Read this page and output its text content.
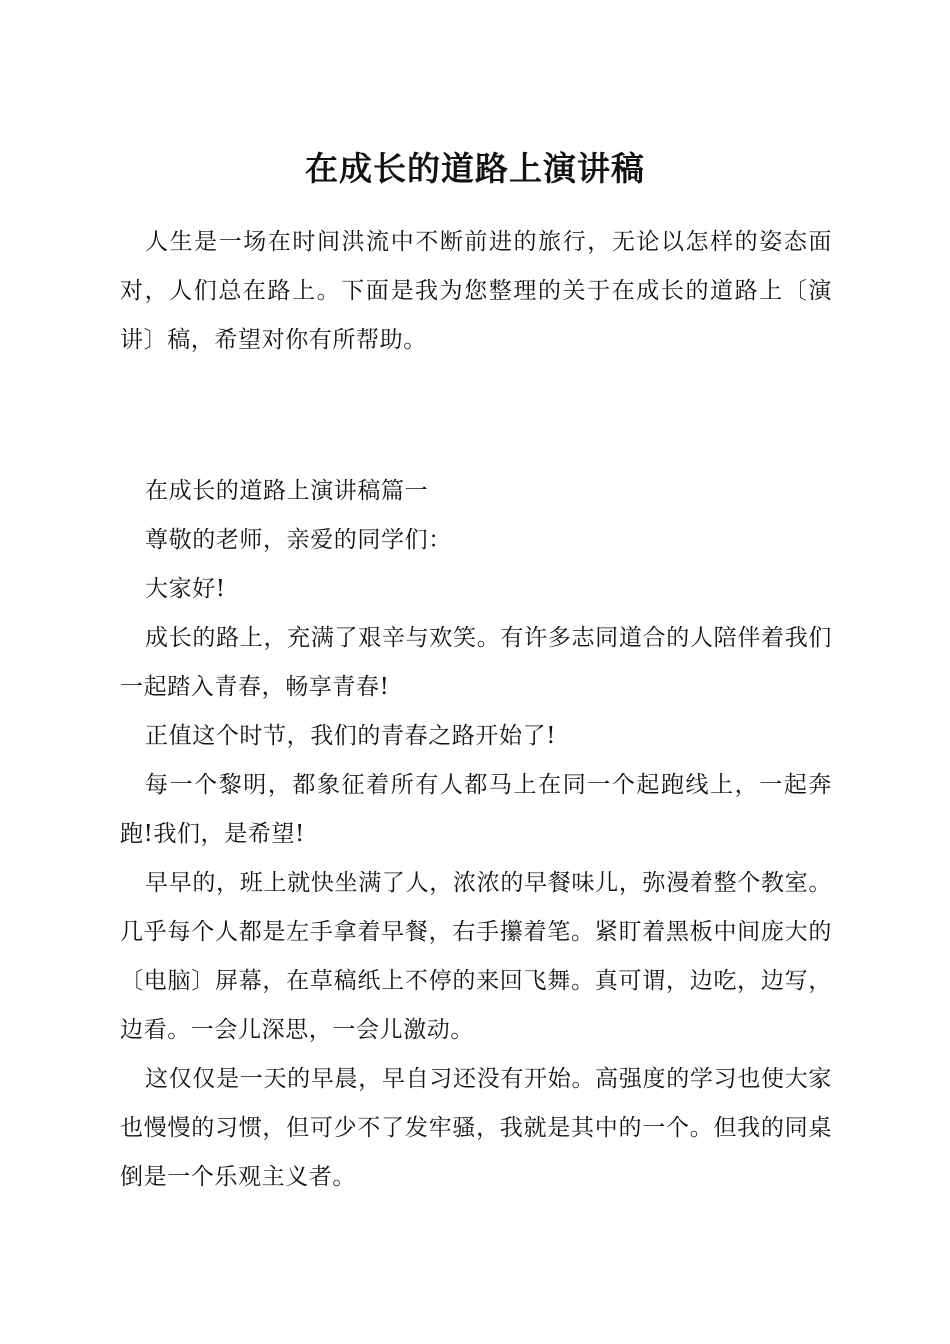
在成长的道路上演讲稿

人生是一场在时间洪流中不断前进的旅行，无论以怎样的姿态面对，人们总在路上。下面是我为您整理的关于在成长的道路上〔演讲〕稿，希望对你有所帮助。

在成长的道路上演讲稿篇一

尊敬的老师，亲爱的同学们：

大家好!

成长的路上，充满了艰辛与欢笑。有许多志同道合的人陪伴着我们一起踏入青春，畅享青春!

正值这个时节，我们的青春之路开始了!

每一个黎明，都象征着所有人都马上在同一个起跑线上，一起奔跑!我们，是希望!

早早的，班上就快坐满了人，浓浓的早餐味儿，弥漫着整个教室。几乎每个人都是左手拿着早餐，右手攥着笔。紧盯着黑板中间庞大的〔电脑〕屏幕，在草稿纸上不停的来回飞舞。真可谓，边吃，边写，边看。一会儿深思，一会儿激动。

这仅仅是一天的早晨，早自习还没有开始。高强度的学习也使大家也慢慢的习惯，但可少不了发牢骚，我就是其中的一个。但我的同桌倒是一个乐观主义者。
